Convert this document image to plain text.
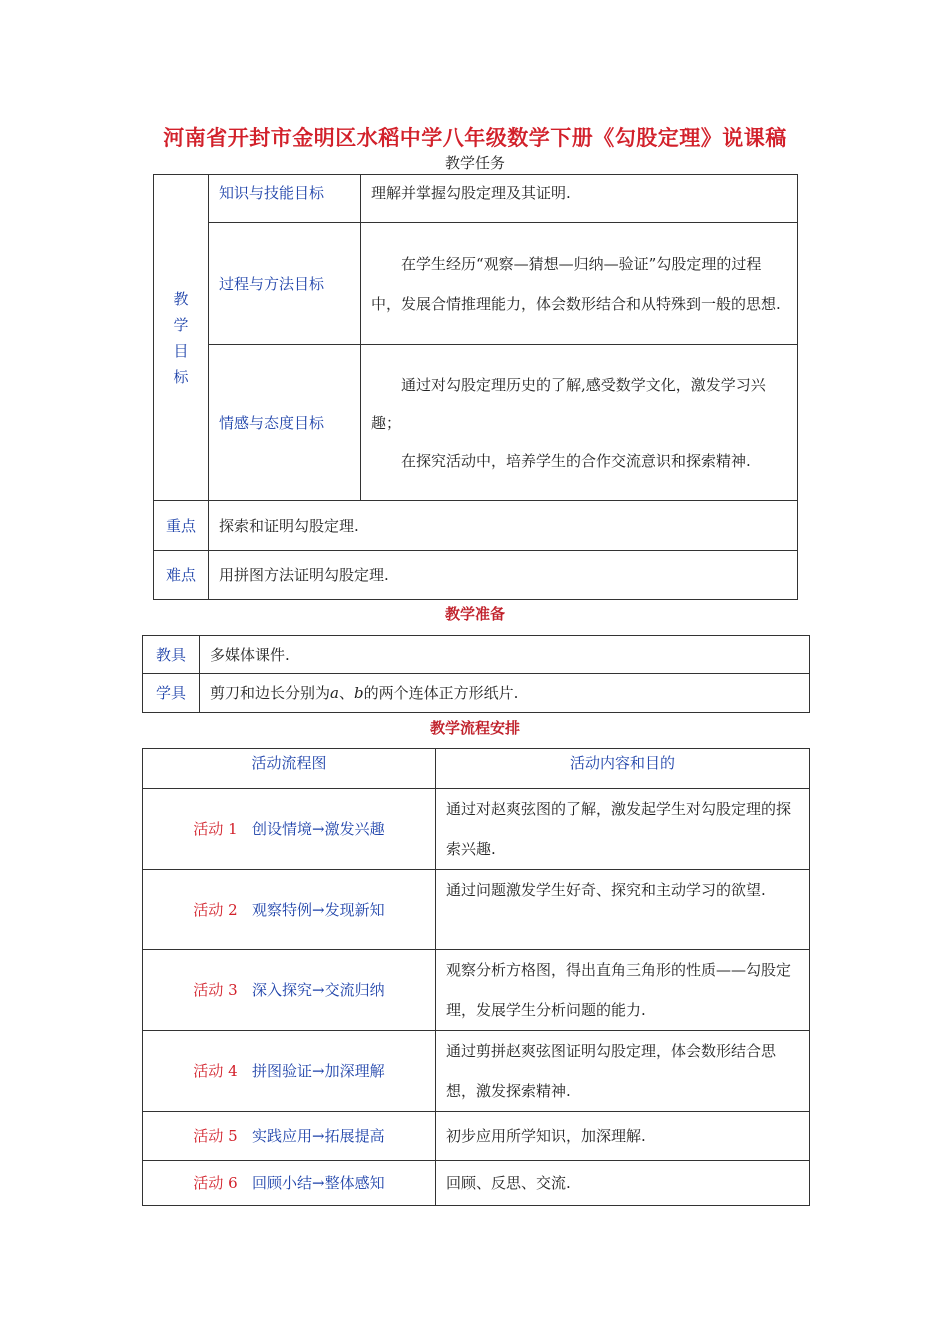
河南省开封市金明区水稻中学八年级数学下册《勾股定理》说课稿
教学任务
教
学
目
标	知识与技能目标	理解并掌握勾股定理及其证明.
	过程与方法目标	在学生经历“观察—猜想—归纳—验证”勾股定理的过程中，发展合情推理能力，体会数形结合和从特殊到一般的思想.
	情感与态度目标	通过对勾股定理历史的了解,感受数学文化，激发学习兴趣；
在探究活动中，培养学生的合作交流意识和探索精神.

重点	探索和证明勾股定理.	
难点	用拼图方法证明勾股定理.	
教学准备
教具	多媒体课件.
学具	剪刀和边长分别为a、b的两个连体正方形纸片.
教学流程安排
活动流程图	活动内容和目的
活动 1 创设情境→激发兴趣	通过对赵爽弦图的了解，激发起学生对勾股定理的探索兴趣.
活动 2 观察特例→发现新知	通过问题激发学生好奇、探究和主动学习的欲望.
活动 3 深入探究→交流归纳	观察分析方格图，得出直角三角形的性质——勾股定理，发展学生分析问题的能力.
活动 4 拼图验证→加深理解	通过剪拼赵爽弦图证明勾股定理，体会数形结合思想，激发探索精神.
活动 5 实践应用→拓展提高	初步应用所学知识，加深理解.
活动 6 回顾小结→整体感知	回顾、反思、交流.
